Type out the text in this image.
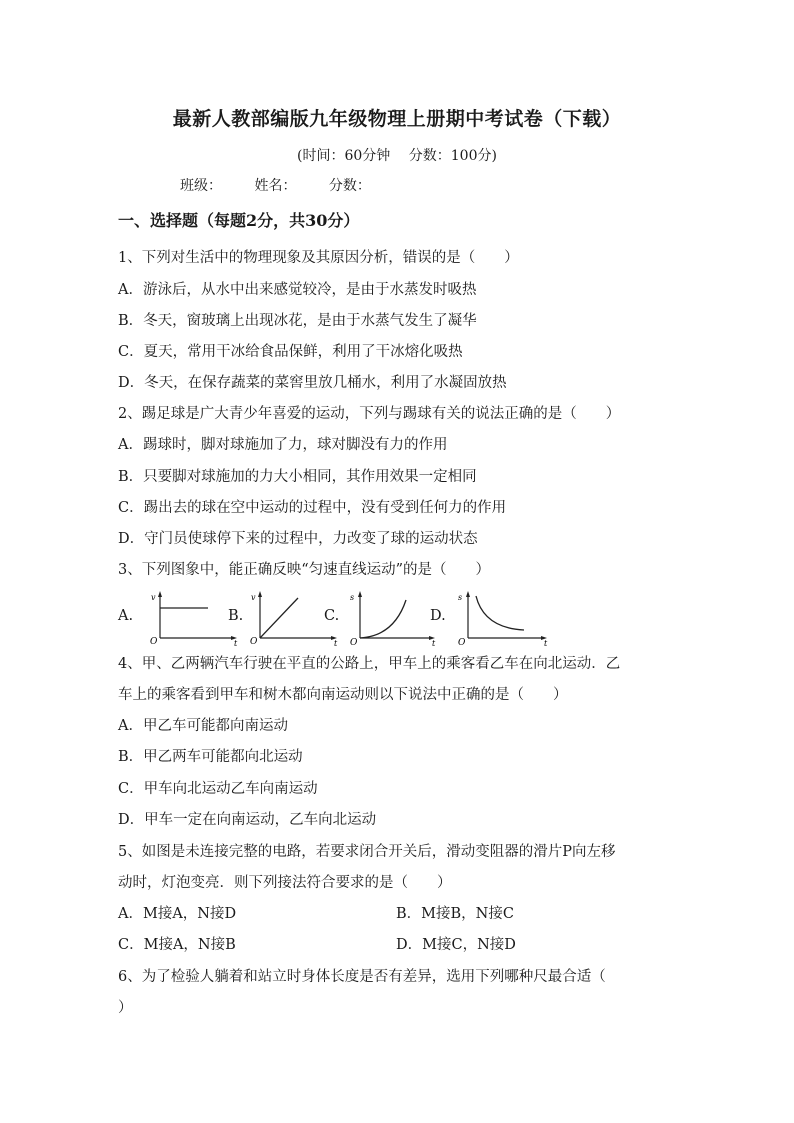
最新人教部编版九年级物理上册期中考试卷（下载）
(时间：60分钟　 分数：100分)
班级： 姓名： 分数：
一、选择题（每题2分，共30分）
1、下列对生活中的物理现象及其原因分析，错误的是（　　）
A．游泳后，从水中出来感觉较冷，是由于水蒸发时吸热
B．冬天，窗玻璃上出现冰花，是由于水蒸气发生了凝华
C．夏天，常用干冰给食品保鲜，利用了干冰熔化吸热
D．冬天，在保存蔬菜的菜窖里放几桶水，利用了水凝固放热
2、踢足球是广大青少年喜爱的运动，下列与踢球有关的说法正确的是（　　）
A．踢球时，脚对球施加了力，球对脚没有力的作用
B．只要脚对球施加的力大小相同，其作用效果一定相同
C．踢出去的球在空中运动的过程中，没有受到任何力的作用
D．守门员使球停下来的过程中，力改变了球的运动状态
3、下列图象中，能正确反映“匀速直线运动”的是（　　）
A.
v
t
O
B.
v
t
O
C.
s
t
O
D.
s
t
O
4、甲、乙两辆汽车行驶在平直的公路上，甲车上的乘客看乙车在向北运动．乙
车上的乘客看到甲车和树木都向南运动则以下说法中正确的是（　　）
A．甲乙车可能都向南运动
B．甲乙两车可能都向北运动
C．甲车向北运动乙车向南运动
D．甲车一定在向南运动，乙车向北运动
5、如图是未连接完整的电路，若要求闭合开关后，滑动变阻器的滑片P向左移
动时，灯泡变亮．则下列接法符合要求的是（　　）
A．M接A，N接D	B．M接B，N接C
C．M接A，N接B	D．M接C，N接D
6、为了检验人躺着和站立时身体长度是否有差异，选用下列哪种尺最合适（
）
